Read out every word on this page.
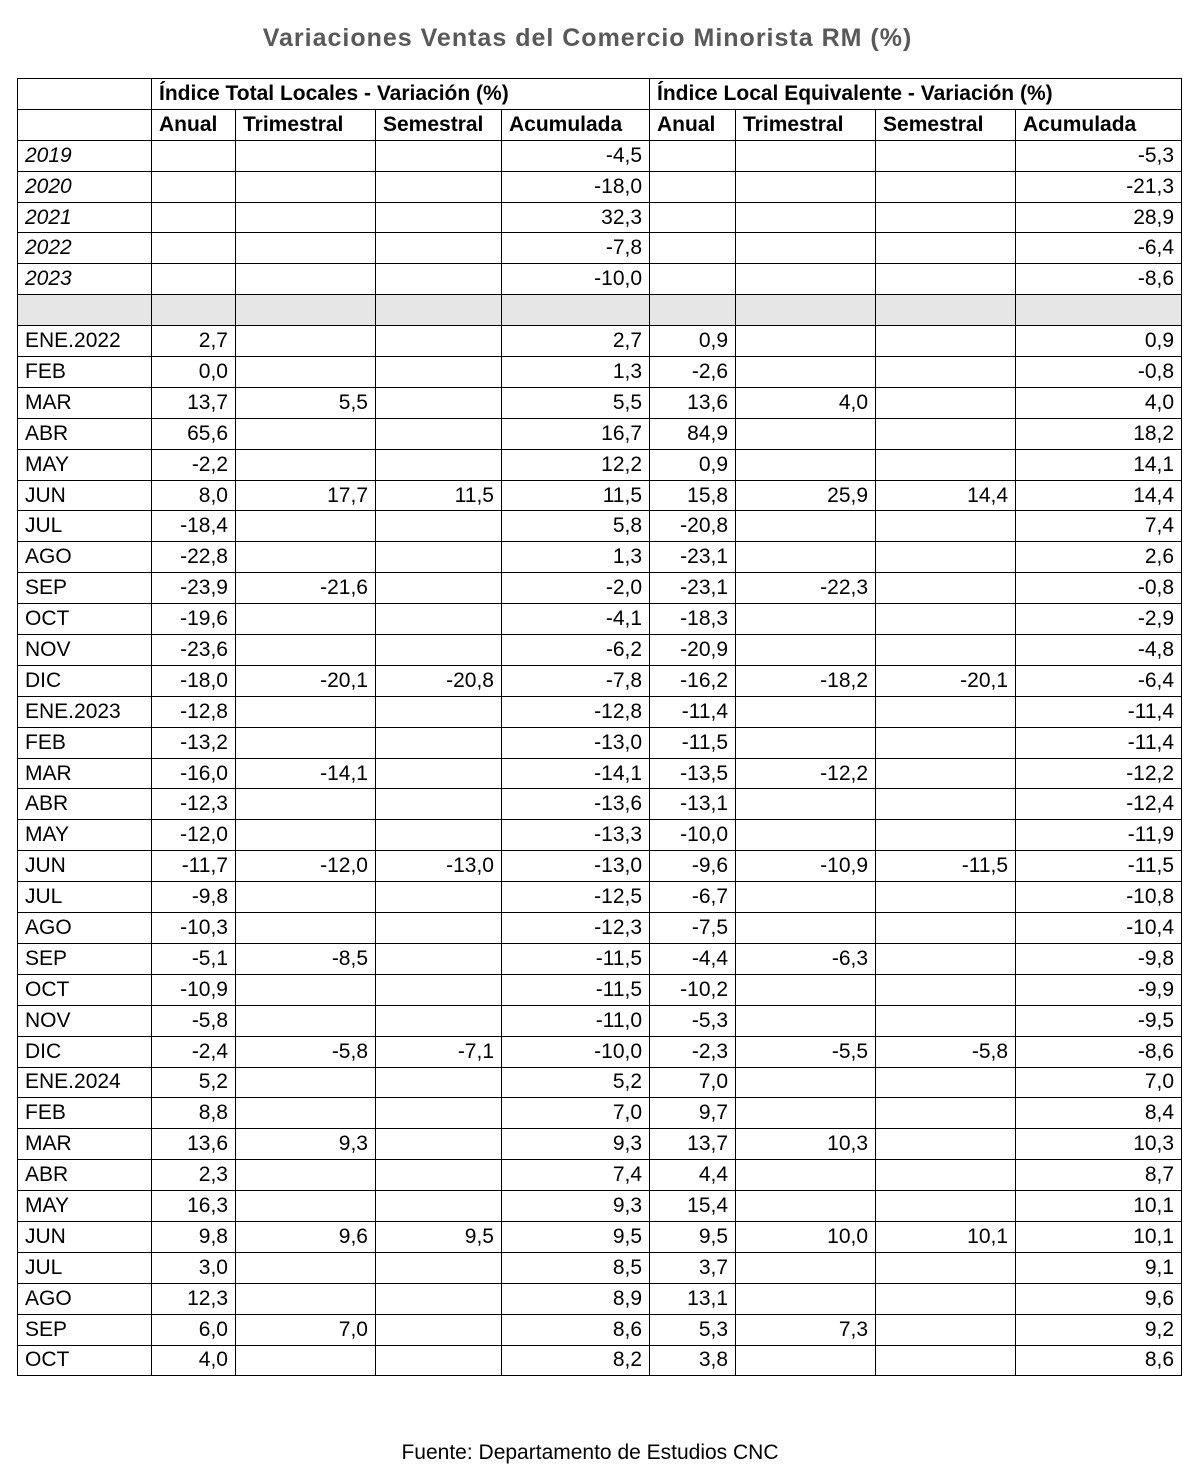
Variaciones Ventas del Comercio Minorista RM (%)
	Índice Total Locales - Variación (%)				Índice Local Equivalente - Variación (%)			
	Anual	Trimestral	Semestral	Acumulada	Anual	Trimestral	Semestral	Acumulada
2019				-4,5				-5,3
2020				-18,0				-21,3
2021				32,3				28,9
2022				-7,8				-6,4
2023				-10,0				-8,6

ENE.2022	2,7			2,7	0,9			0,9
FEB	0,0			1,3	-2,6			-0,8
MAR	13,7	5,5		5,5	13,6	4,0		4,0
ABR	65,6			16,7	84,9			18,2
MAY	-2,2			12,2	0,9			14,1
JUN	8,0	17,7	11,5	11,5	15,8	25,9	14,4	14,4
JUL	-18,4			5,8	-20,8			7,4
AGO	-22,8			1,3	-23,1			2,6
SEP	-23,9	-21,6		-2,0	-23,1	-22,3		-0,8
OCT	-19,6			-4,1	-18,3			-2,9
NOV	-23,6			-6,2	-20,9			-4,8
DIC	-18,0	-20,1	-20,8	-7,8	-16,2	-18,2	-20,1	-6,4
ENE.2023	-12,8			-12,8	-11,4			-11,4
FEB	-13,2			-13,0	-11,5			-11,4
MAR	-16,0	-14,1		-14,1	-13,5	-12,2		-12,2
ABR	-12,3			-13,6	-13,1			-12,4
MAY	-12,0			-13,3	-10,0			-11,9
JUN	-11,7	-12,0	-13,0	-13,0	-9,6	-10,9	-11,5	-11,5
JUL	-9,8			-12,5	-6,7			-10,8
AGO	-10,3			-12,3	-7,5			-10,4
SEP	-5,1	-8,5		-11,5	-4,4	-6,3		-9,8
OCT	-10,9			-11,5	-10,2			-9,9
NOV	-5,8			-11,0	-5,3			-9,5
DIC	-2,4	-5,8	-7,1	-10,0	-2,3	-5,5	-5,8	-8,6
ENE.2024	5,2			5,2	7,0			7,0
FEB	8,8			7,0	9,7			8,4
MAR	13,6	9,3		9,3	13,7	10,3		10,3
ABR	2,3			7,4	4,4			8,7
MAY	16,3			9,3	15,4			10,1
JUN	9,8	9,6	9,5	9,5	9,5	10,0	10,1	10,1
JUL	3,0			8,5	3,7			9,1
AGO	12,3			8,9	13,1			9,6
SEP	6,0	7,0		8,6	5,3	7,3		9,2
OCT	4,0			8,2	3,8			8,6
Fuente: Departamento de Estudios CNC
